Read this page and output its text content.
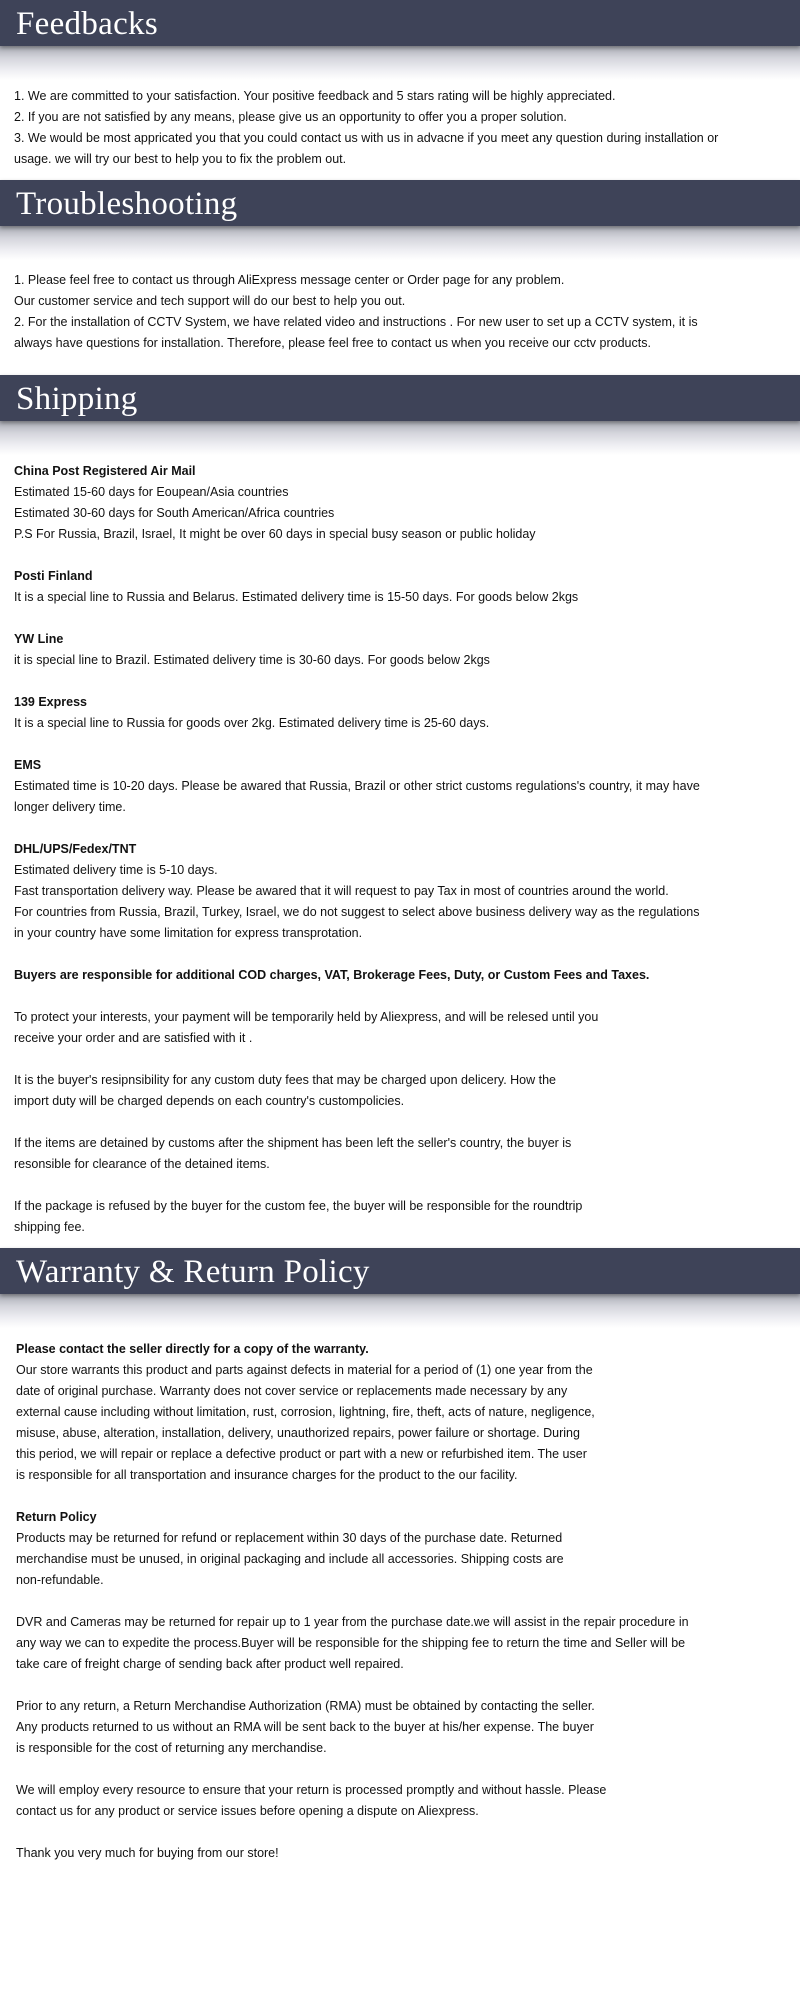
Feedbacks

1. We are committed to your satisfaction. Your positive feedback and 5 stars rating will be highly appreciated.

2. If you are not satisfied by any means, please give us an opportunity to offer you a proper solution.

3. We would be most appricated you that you could contact us with us in advacne if you meet any question during installation or

usage. we will try our best to help you to fix the problem out.

Troubleshooting

1. Please feel free to contact us through AliExpress message center or Order page for any problem.

Our customer service and tech support will do our best to help you out.

2. For the installation of CCTV System, we have related video and instructions . For new user to set up a CCTV system, it is

always have questions for installation. Therefore, please feel free to contact us when you receive our cctv products.

Shipping

China Post Registered Air Mail

Estimated 15-60 days for Eoupean/Asia countries

Estimated 30-60 days for South American/Africa countries

P.S For Russia, Brazil, Israel, It might be over 60 days in special busy season or public holiday

Posti Finland

It is a special line to Russia and Belarus. Estimated delivery time is 15-50 days. For goods below 2kgs

YW Line

it is special line to Brazil. Estimated delivery time is 30-60 days. For goods below 2kgs

139 Express

It is a special line to Russia for goods over 2kg. Estimated delivery time is 25-60 days.

EMS

Estimated time is 10-20 days. Please be awared that Russia, Brazil or other strict customs regulations's country, it may have
longer delivery time.

DHL/UPS/Fedex/TNT

Estimated delivery time is 5-10 days.

Fast transportation delivery way. Please be awared that it will request to pay Tax in most of countries around the world.

For countries from Russia, Brazil, Turkey, Israel, we do not suggest to select above business delivery way as the regulations
in your country have some limitation for express transprotation.

Buyers are responsible for additional COD charges, VAT, Brokerage Fees, Duty, or Custom Fees and Taxes.

To protect your interests, your payment will be temporarily held by Aliexpress, and will be relesed until you
receive your order and are satisfied with it .

It is the buyer's resipnsibility for any custom duty fees that may be charged upon delicery. How the
import duty will be charged depends on each country's custompolicies.

If the items are detained by customs after the shipment has been left the seller's country, the buyer is
resonsible for clearance of the detained items.

If the package is refused by the buyer for the custom fee, the buyer will be responsible for the roundtrip
shipping fee.

Warranty & Return Policy

Please contact the seller directly for a copy of the warranty.

Our store warrants this product and parts against defects in material for a period of (1) one year from the
date of original purchase. Warranty does not cover service or replacements made necessary by any
external cause including without limitation, rust, corrosion, lightning, fire, theft, acts of nature, negligence,
misuse, abuse, alteration, installation, delivery, unauthorized repairs, power failure or shortage. During
this period, we will repair or replace a defective product or part with a new or refurbished item. The user
is responsible for all transportation and insurance charges for the product to the our facility.

Return Policy

Products may be returned for refund or replacement within 30 days of the purchase date. Returned
merchandise must be unused, in original packaging and include all accessories. Shipping costs are
non-refundable.

DVR and Cameras may be returned for repair up to 1 year from the purchase date.we will assist in the repair procedure in
any way we can to expedite the process.Buyer will be responsible for the shipping fee to return the time and Seller will be
take care of freight charge of sending back after product well repaired.

Prior to any return, a Return Merchandise Authorization (RMA) must be obtained by contacting the seller.
Any products returned to us without an RMA will be sent back to the buyer at his/her expense. The buyer
is responsible for the cost of returning any merchandise.

We will employ every resource to ensure that your return is processed promptly and without hassle. Please
contact us for any product or service issues before opening a dispute on Aliexpress.

Thank you very much for buying from our store!
